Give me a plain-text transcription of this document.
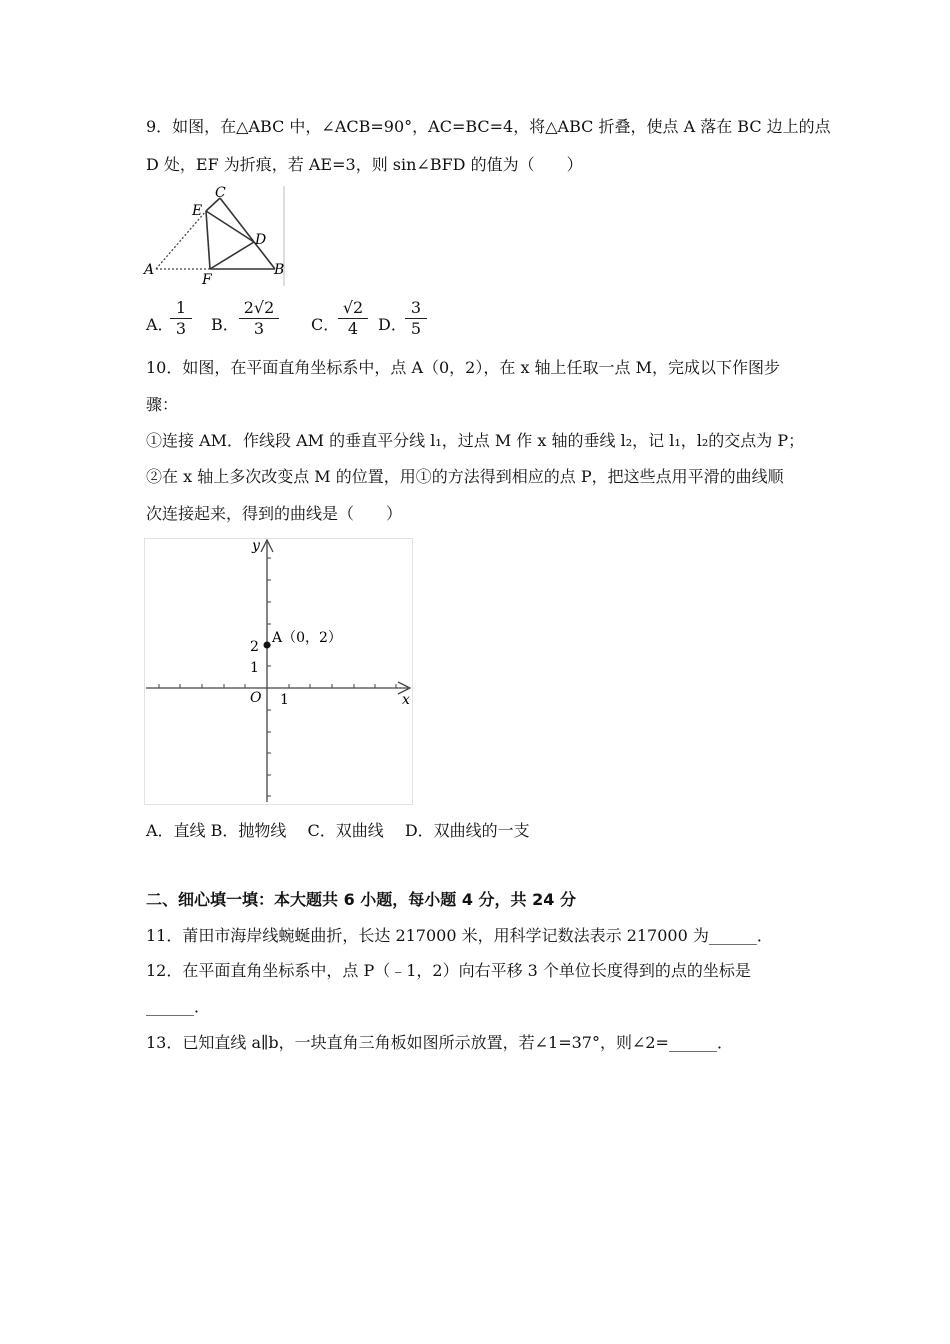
9．如图，在△ABC 中，∠ACB=90°，AC=BC=4，将△ABC 折叠，使点 A 落在 BC 边上的点
D 处，EF 为折痕，若 AE=3，则 sin∠BFD 的值为（　　）
C
E
D
A
F
B
A．
$\frac{1}{3}$ B． $\frac{2√2}{3}$ C．
$\frac{√2}{4}$ D．
$\frac{3}{5}$
10．如图，在平面直角坐标系中，点 A（0，2），在 x 轴上任取一点 M，完成以下作图步
骤：
①连接 AM．作线段 AM 的垂直平分线 l₁，过点 M 作 x 轴的垂线 l₂，记 l₁，l₂的交点为 P；
②在 x 轴上多次改变点 M 的位置，用①的方法得到相应的点 P，把这些点用平滑的曲线顺
次连接起来，得到的曲线是（　　）
y
x
O 1
2
1
A（0，2）
A．直线 B．抛物线　 C．双曲线　 D．双曲线的一支
二、细心填一填：本大题共 6 小题，每小题 4 分，共 24 分
11．莆田市海岸线蜿蜒曲折，长达 217000 米，用科学记数法表示 217000 为______．
12．在平面直角坐标系中，点 P（﹣1，2）向右平移 3 个单位长度得到的点的坐标是
______．
13．已知直线 a∥b，一块直角三角板如图所示放置，若∠1=37°，则∠2=______．
